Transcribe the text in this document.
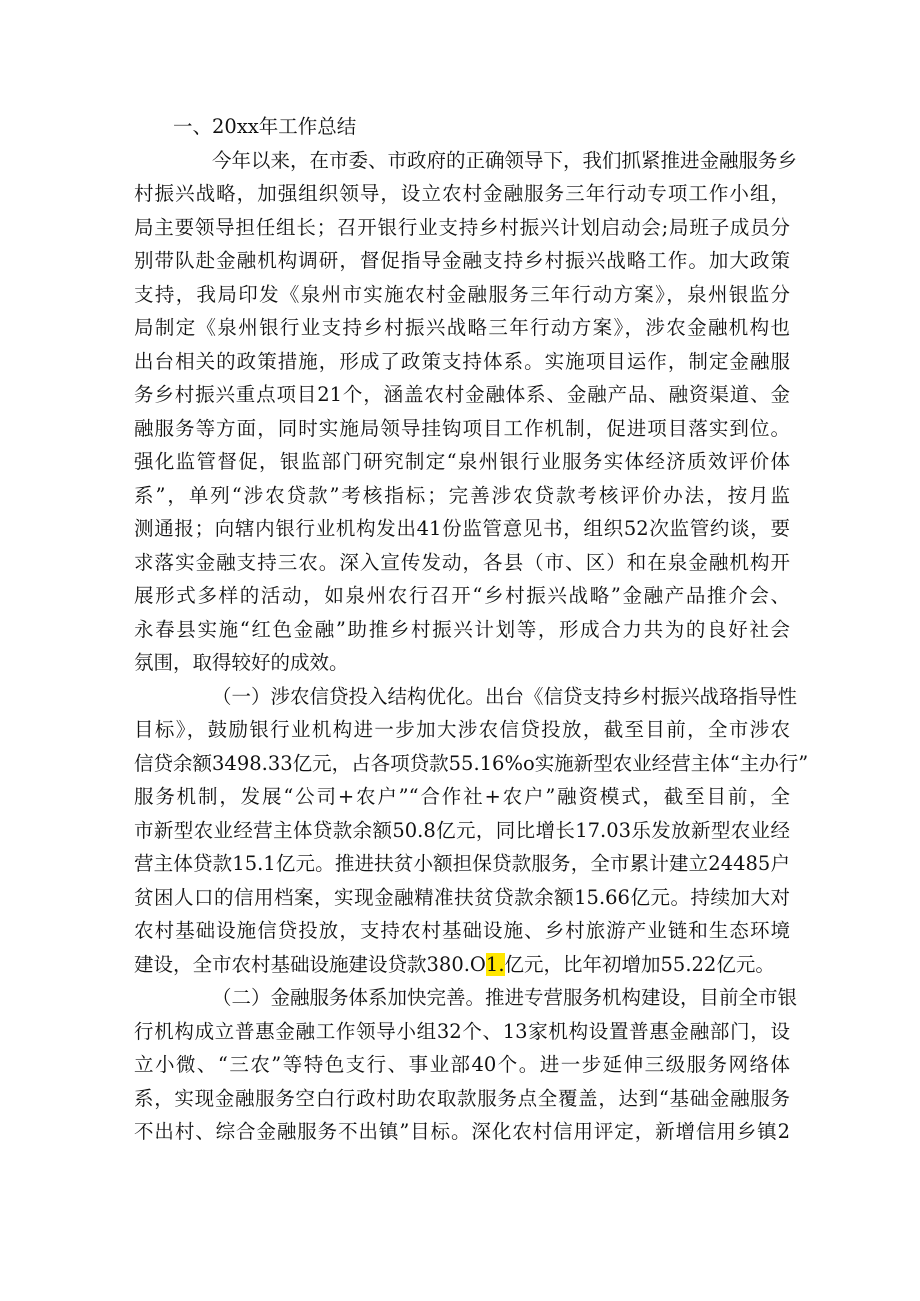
一、20xx年工作总结

今年以来，在市委、市政府的正确领导下，我们抓紧推进金融服务乡
村振兴战略，加强组织领导，设立农村金融服务三年行动专项工作小组，
局主要领导担任组长；召开银行业支持乡村振兴计划启动会;局班子成员分
别带队赴金融机构调研，督促指导金融支持乡村振兴战略工作。加大政策
支持，我局印发《泉州市实施农村金融服务三年行动方案》，泉州银监分
局制定《泉州银行业支持乡村振兴战略三年行动方案》，涉农金融机构也
出台相关的政策措施，形成了政策支持体系。实施项目运作，制定金融服
务乡村振兴重点项目21个，涵盖农村金融体系、金融产品、融资渠道、金
融服务等方面，同时实施局领导挂钩项目工作机制，促进项目落实到位。
强化监管督促，银监部门研究制定“泉州银行业服务实体经济质效评价体
系”，单列“涉农贷款”考核指标；完善涉农贷款考核评价办法，按月监
测通报；向辖内银行业机构发出41份监管意见书，组织52次监管约谈，要
求落实金融支持三农。深入宣传发动，各县（市、区）和在泉金融机构开
展形式多样的活动，如泉州农行召开“乡村振兴战略”金融产品推介会、
永春县实施“红色金融”助推乡村振兴计划等，形成合力共为的良好社会
氛围，取得较好的成效。
（一）涉农信贷投入结构优化。出台《信贷支持乡村振兴战珞指导性
目标》，鼓励银行业机构进一步加大涉农信贷投放，截至目前，全市涉农
信贷余额3498.33亿元，占各项贷款55.16%o实施新型农业经营主体“主办行”
服务机制，发展“公司+农户”“合作社+农户”融资模式，截至目前，全
市新型农业经营主体贷款余额50.8亿元，同比增长17.03乐发放新型农业经
营主体贷款15.1亿元。推进扶贫小额担保贷款服务，全市累计建立24485户
贫困人口的信用档案，实现金融精准扶贫贷款余额15.66亿元。持续加大对
农村基础设施信贷投放，支持农村基础设施、乡村旅游产业链和生态环境
建设，全市农村基础设施建设贷款380.O1.亿元，比年初增加55.22亿元。
（二）金融服务体系加快完善。推进专营服务机构建设，目前全市银
行机构成立普惠金融工作领导小组32个、13家机构设置普惠金融部门，设
立小微、“三农”等特色支行、事业部40个。进一步延伸三级服务网络体
系，实现金融服务空白行政村助农取款服务点全覆盖，达到“基础金融服务
不出村、综合金融服务不出镇”目标。深化农村信用评定，新增信用乡镇2
